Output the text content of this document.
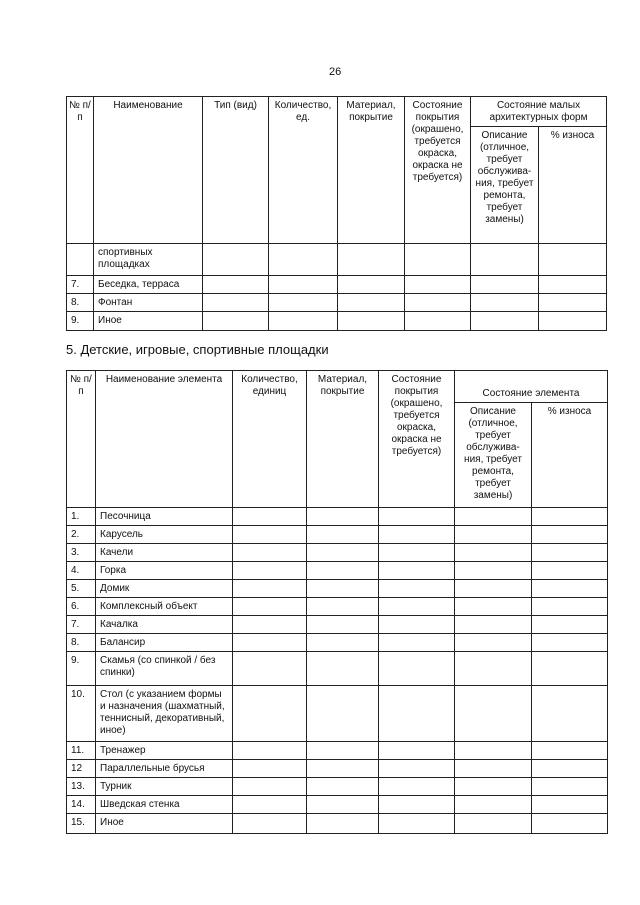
26
№ п/п	Наименование	Тип (вид)	Количество, ед.	Материал, покрытие	Состояние покрытия (окрашено, требуется окраска, окраска не требуется)	Состояние малых архитектурных форм	
						Описание (отличное, требует обслужива-ния, требует ремонта, требует замены)	% износа
	спортивных площадках						
7.	Беседка, терраса						
8.	Фонтан						
9.	Иное						
5. Детские, игровые, спортивные площадки
№ п/п	Наименование элемента	Количество, единиц	Материал, покрытие	Состояние покрытия (окрашено, требуется окраска, окраска не требуется)	Состояние элемента	
					Описание (отличное, требует обслужива-ния, требует ремонта, требует замены)	% износа
1.	Песочница					
2.	Карусель					
3.	Качели					
4.	Горка					
5.	Домик					
6.	Комплексный объект					
7.	Качалка					
8.	Балансир					
9.	Скамья (со спинкой / без спинки)					
10.	Стол (с указанием формы и назначения (шахматный, теннисный, декоративный, иное)					
11.	Тренажер					
12	Параллельные брусья					
13.	Турник					
14.	Шведская стенка					
15.	Иное					
